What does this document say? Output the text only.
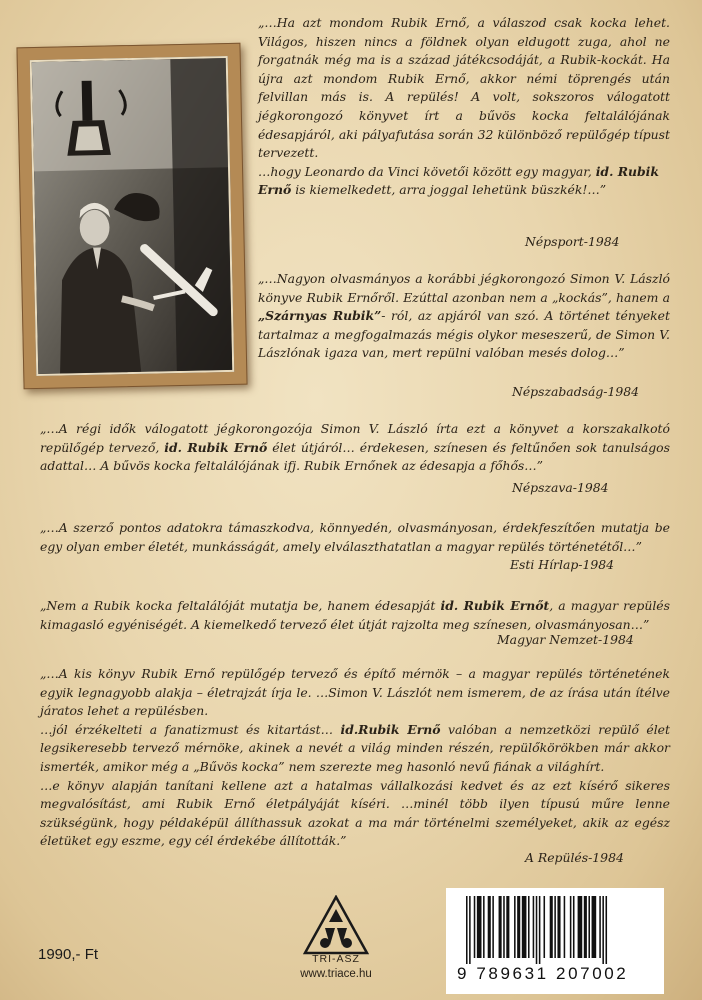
„…Ha azt mondom Rubik Ernő, a válaszod csak kocka lehet. Világos, hiszen nincs a földnek olyan eldugott zuga, ahol ne forgatnák még ma is a század játékcsodáját, a Rubik-kockát. Ha újra azt mondom Rubik Ernő, akkor némi töprengés után felvillan más is. A repülés! A volt, sokszoros válogatott jégkorongozó könyvet írt a bűvös kocka feltalálójának édesapjáról, aki pályafutása során 32 különböző repülőgép típust tervezett.

…hogy Leonardo da Vinci követői között egy magyar, id. Rubik Ernő is kiemelkedett, arra joggal lehetünk büszkék!…”

Népsport-1984

„…Nagyon olvasmányos a korábbi jégkorongozó Simon V. László könyve Rubik Ernőről. Ezúttal azonban nem a „kockás”, hanem a „Szárnyas Rubik”- ról, az apjáról van szó. A történet tényeket tartalmaz a megfogalmazás mégis olykor meseszerű, de Simon V. Lászlónak igaza van, mert repülni valóban mesés dolog…”

Népszabadság-1984

„…A régi idők válogatott jégkorongozója Simon V. László írta ezt a könyvet a korszakalkotó repülőgép tervező, id. Rubik Ernő élet útjáról… érdekesen, színesen és feltűnően sok tanulságos adattal… A bűvös kocka feltalálójának ifj. Rubik Ernőnek az édesapja a főhős…”

Népszava-1984

„…A szerző pontos adatokra támaszkodva, könnyedén, olvasmányosan, érdekfeszítően mutatja be egy olyan ember életét, munkásságát, amely elválaszthatatlan a magyar repülés történetétől…”

Esti Hírlap-1984

„Nem a Rubik kocka feltalálóját mutatja be, hanem édesapját id. Rubik Ernőt, a magyar repülés kimagasló egyéniségét. A kiemelkedő tervező élet útját rajzolta meg színesen, olvasmányosan…”

Magyar Nemzet-1984

„…A kis könyv Rubik Ernő repülőgép tervező és építő mérnök – a magyar repülés történetének egyik legnagyobb alakja – életrajzát írja le. …Simon V. Lászlót nem ismerem, de az írása után ítélve járatos lehet a repülésben.

…jól érzékelteti a fanatizmust és kitartást… id.Rubik Ernő valóban a nemzetközi repülő élet legsikeresebb tervező mérnöke, akinek a nevét a világ minden részén, repülőkörökben már akkor ismerték, amikor még a „Bűvös kocka” nem szerezte meg hasonló nevű fiának a világhírt.

…e könyv alapján tanítani kellene azt a hatalmas vállalkozási kedvet és az ezt kísérő sikeres megvalósítást, ami Rubik Ernő életpályáját kíséri. …minél több ilyen típusú műre lenne szükségünk, hogy példaképül állíthassuk azokat a ma már történelmi személyeket, akik az egész életüket egy eszme, egy cél érdekébe állították.”

A Repülés-1984
1990,- Ft	TRI-ÁSZ
www.triace.hu	9 789631 207002
